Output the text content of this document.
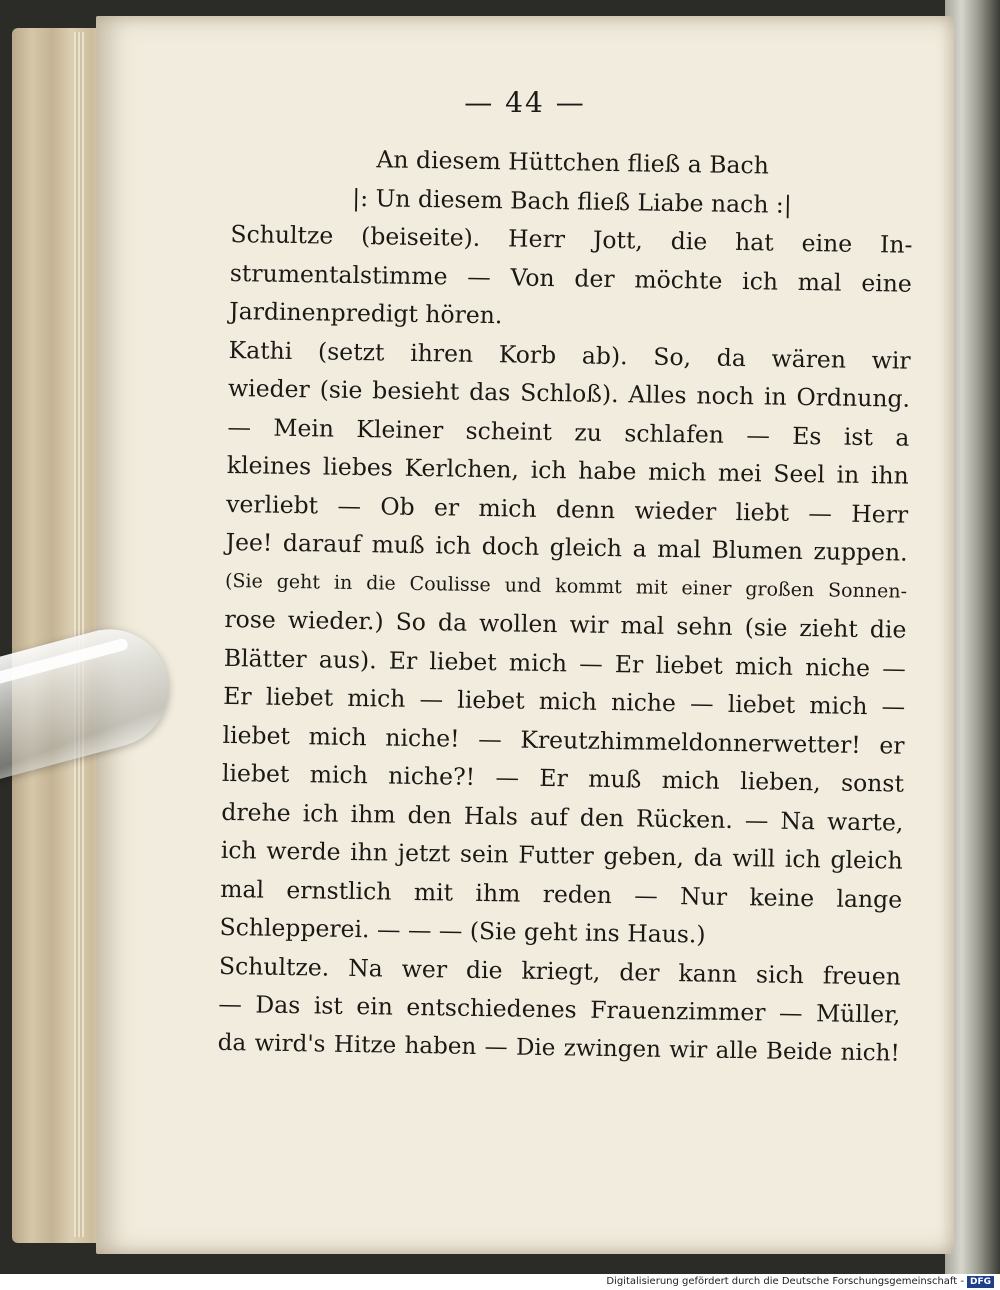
— 44 —
An diesem Hüttchen fließ a Bach
|: Un diesem Bach fließ Liabe nach :|
Schultze (beiseite). Herr Jott, die hat eine In-
strumentalstimme — Von der möchte ich mal eine
Jardinenpredigt hören.
Kathi (setzt ihren Korb ab). So, da wären wir
wieder (sie besieht das Schloß). Alles noch in Ordnung.
— Mein Kleiner scheint zu schlafen — Es ist a
kleines liebes Kerlchen, ich habe mich mei Seel in ihn
verliebt — Ob er mich denn wieder liebt — Herr
Jee! darauf muß ich doch gleich a mal Blumen zuppen.
(Sie geht in die Coulisse und kommt mit einer großen Sonnen-
rose wieder.) So da wollen wir mal sehn (sie zieht die
Blätter aus). Er liebet mich — Er liebet mich niche —
Er liebet mich — liebet mich niche — liebet mich —
liebet mich niche! — Kreutzhimmeldonnerwetter! er
liebet mich niche?! — Er muß mich lieben, sonst
drehe ich ihm den Hals auf den Rücken. — Na warte,
ich werde ihn jetzt sein Futter geben, da will ich gleich
mal ernstlich mit ihm reden — Nur keine lange
Schlepperei. — — — (Sie geht ins Haus.)
Schultze. Na wer die kriegt, der kann sich freuen
— Das ist ein entschiedenes Frauenzimmer — Müller,
da wird's Hitze haben — Die zwingen wir alle Beide nich!
Digitalisierung gefördert durch die Deutsche Forschungsgemeinschaft - DFG
